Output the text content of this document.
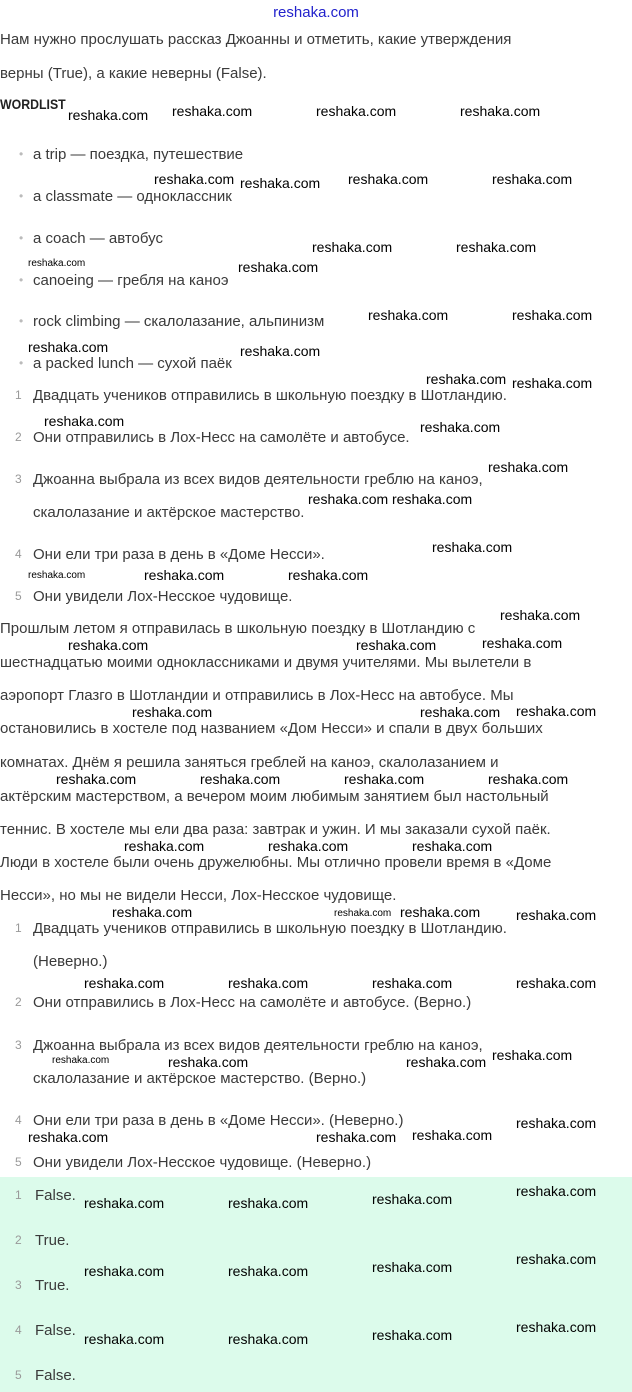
reshaka.com
Нам нужно прослушать рассказ Джоанны и отметить, какие утверждения
верны (True), а какие неверны (False).
WORDLIST
• a trip — поездка, путешествие
• a classmate — одноклассник
• a coach — автобус
• canoeing — гребля на каноэ
• rock climbing — скалолазание, альпинизм
• a packed lunch — сухой паёк
1 Двадцать учеников отправились в школьную поездку в Шотландию.
2 Они отправились в Лох-Несс на самолёте и автобусе.
3 Джоанна выбрала из всех видов деятельности греблю на каноэ,
скалолазание и актёрское мастерство.
4 Они ели три раза в день в «Доме Несси».
5 Они увидели Лох-Несское чудовище.
Прошлым летом я отправилась в школьную поездку в Шотландию с
шестнадцатью моими одноклассниками и двумя учителями. Мы вылетели в
аэропорт Глазго в Шотландии и отправились в Лох-Несс на автобусе. Мы
остановились в хостеле под названием «Дом Несси» и спали в двух больших
комнатах. Днём я решила заняться греблей на каноэ, скалолазанием и
актёрским мастерством, а вечером моим любимым занятием был настольный
теннис. В хостеле мы ели два раза: завтрак и ужин. И мы заказали сухой паёк.
Люди в хостеле были очень дружелюбны. Мы отлично провели время в «Доме
Несси», но мы не видели Несси, Лох-Несское чудовище.
1 Двадцать учеников отправились в школьную поездку в Шотландию.
(Неверно.)
2 Они отправились в Лох-Несс на самолёте и автобусе. (Верно.)
3 Джоанна выбрала из всех видов деятельности греблю на каноэ,
скалолазание и актёрское мастерство. (Верно.)
4 Они ели три раза в день в «Доме Несси». (Неверно.)
5 Они увидели Лох-Несское чудовище. (Неверно.)
1 False.
2 True.
3 True.
4 False.
5 False.
reshaka.com reshaka.com	reshaka.com	reshaka.com
reshaka.com
reshaka.com	reshaka.com	reshaka.com
reshaka.com	reshaka.com
reshaka.com	reshaka.com
reshaka.com	reshaka.com
reshaka.com	reshaka.com
reshaka.com
reshaka.com
reshaka.com	reshaka.com
reshaka.com
reshaka.com reshaka.com
reshaka.com
reshaka.com	reshaka.com	reshaka.com
reshaka.com
reshaka.com	reshaka.com
reshaka.com
reshaka.com	reshaka.com
reshaka.com
reshaka.com	reshaka.com	reshaka.com	reshaka.com
reshaka.com	reshaka.com	reshaka.com
reshaka.com	reshaka.com
reshaka.com
reshaka.com
reshaka.com	reshaka.com	reshaka.com	reshaka.com
reshaka.com	reshaka.com	reshaka.com
reshaka.com
reshaka.com
reshaka.com	reshaka.com
reshaka.com
reshaka.com
reshaka.com	reshaka.com	reshaka.com
reshaka.com
reshaka.com	reshaka.com	reshaka.com
reshaka.com
reshaka.com	reshaka.com	reshaka.com
